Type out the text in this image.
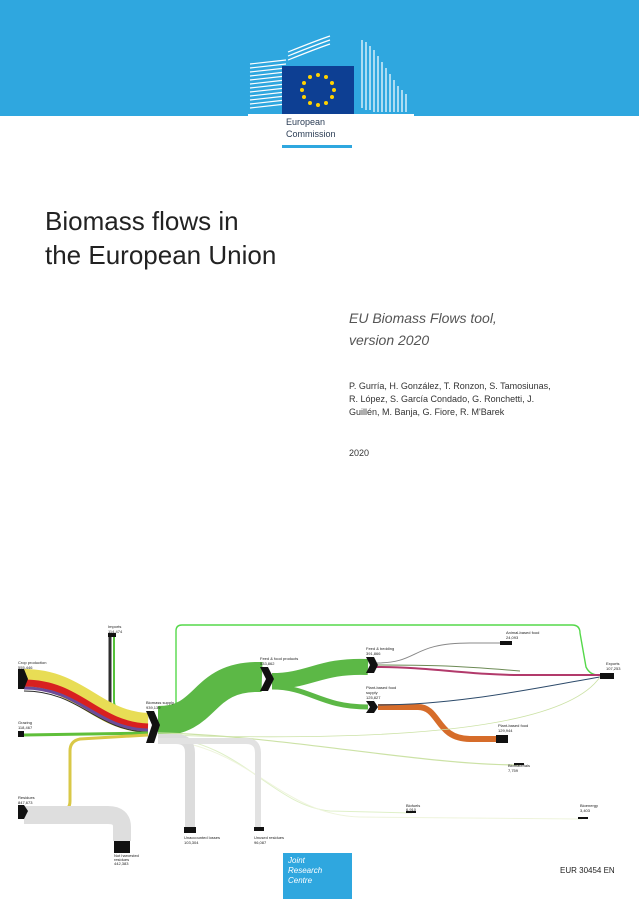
European
Commission
Biomass flows in
the European Union
EU Biomass Flows tool,
version 2020
P. Gurría, H. González, T. Ronzon, S. Tamosiunas,
R. López, S. García Condado, G. Ronchetti, J.
Guillén, M. Banja, G. Fiore, R. M'Barek
2020
Imports
114,474
Crop production
555,446
Grazing
118,467
Residues
847,673
Biomass supply
939,139
Feed & food products
533,862
Feed & bedding
391,866
Plant-based food
supply
125,827
Animal-based food
24,093
Plant-based food
129,944
Exports
107,253
Biomaterials
7,759
Biofuels
6,910
Bioenergy
3,403
Not harvested
residues
442,383
Unaccounted losses
103,304
Unused residues
96,087
Joint
Research
Centre
EUR 30454 EN
